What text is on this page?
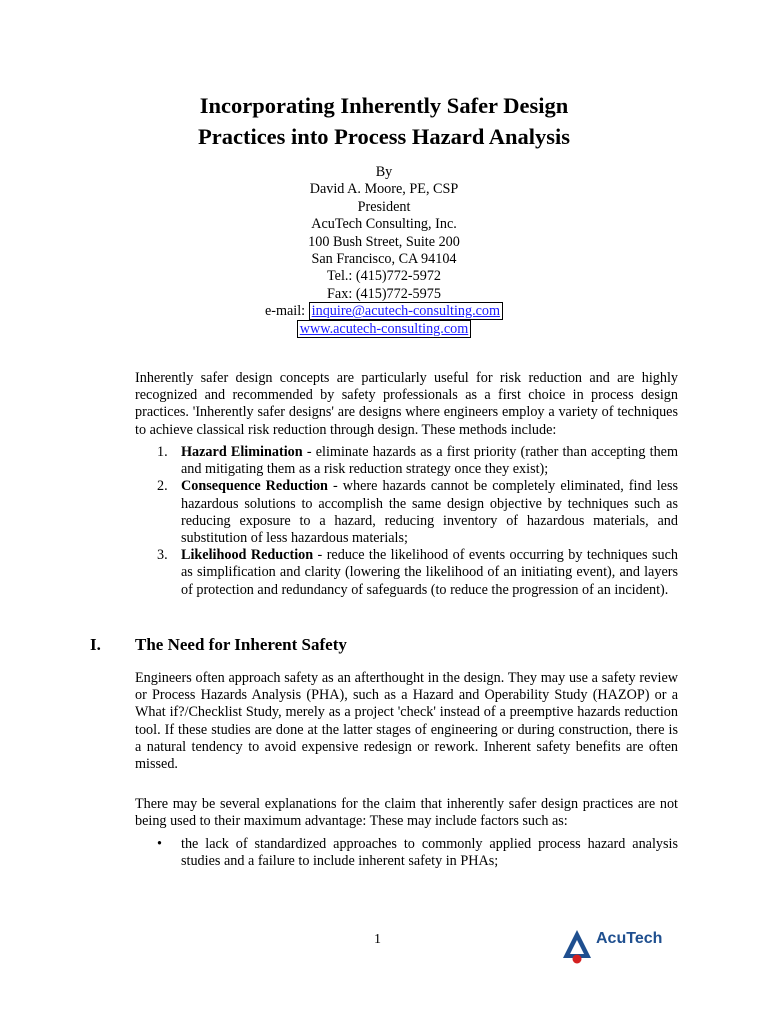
Incorporating Inherently Safer Design
Practices into Process Hazard Analysis
By
David A. Moore, PE, CSP
President
AcuTech Consulting, Inc.
100 Bush Street, Suite 200
San Francisco, CA 94104
Tel.: (415)772-5972
Fax: (415)772-5975
e-mail: inquire@acutech-consulting.com
www.acutech-consulting.com
Inherently safer design concepts are particularly useful for risk reduction and are highly recognized and recommended by safety professionals as a first choice in process design practices. 'Inherently safer designs' are designs where engineers employ a variety of techniques to achieve classical risk reduction through design. These methods include:
1. Hazard Elimination - eliminate hazards as a first priority (rather than accepting them and mitigating them as a risk reduction strategy once they exist);
2. Consequence Reduction - where hazards cannot be completely eliminated, find less hazardous solutions to accomplish the same design objective by techniques such as reducing exposure to a hazard, reducing inventory of hazardous materials, and substitution of less hazardous materials;
3. Likelihood Reduction - reduce the likelihood of events occurring by techniques such as simplification and clarity (lowering the likelihood of an initiating event), and layers of protection and redundancy of safeguards (to reduce the progression of an incident).
I. The Need for Inherent Safety
Engineers often approach safety as an afterthought in the design. They may use a safety review or Process Hazards Analysis (PHA), such as a Hazard and Operability Study (HAZOP) or a What if?/Checklist Study, merely as a project 'check' instead of a preemptive hazards reduction tool. If these studies are done at the latter stages of engineering or during construction, there is a natural tendency to avoid expensive redesign or rework. Inherent safety benefits are often missed.
There may be several explanations for the claim that inherently safer design practices are not being used to their maximum advantage: These may include factors such as:
• the lack of standardized approaches to commonly applied process hazard analysis studies and a failure to include inherent safety in PHAs;
1	AcuTech
